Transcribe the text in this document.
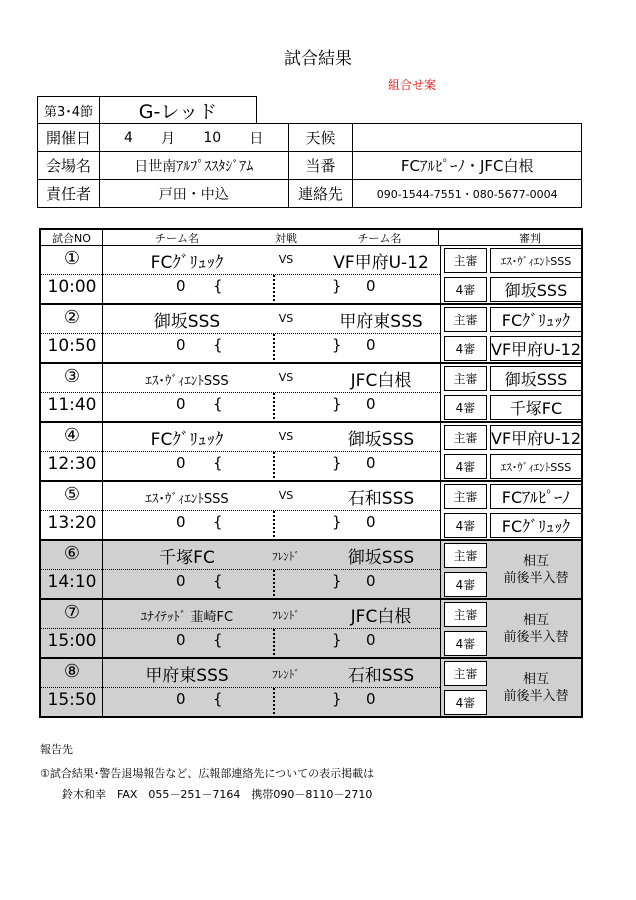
試合結果
組合せ案
第3･4節	G-レッド
開催日	4 月 10 日	天候
会場名	日世南ｱﾙﾌﾟｽｽﾀｼﾞｱﾑ	当番	FCｱﾙﾋﾟｰﾉ・JFC白根
責任者	戸田・中込	連絡先	090-1544-7551・080-5677-0004
試合NO	チーム名	対戦	チーム名	審判
①
10:00
FCｸﾞﾘｭｯｸ	VS	VF甲府U-12
0 {	} 0
主審	ｴｽ･ｳﾞｨｴﾝﾄSSS
4審	御坂SSS
②
10:50
御坂SSS	VS	甲府東SSS
0 {	} 0
主審	FCｸﾞﾘｭｯｸ
4審 VF甲府U-12
③
11:40
ｴｽ･ｳﾞｨｴﾝﾄSSS	VS	JFC白根
0 {	} 0
主審	御坂SSS
4審	千塚FC
④
12:30
FCｸﾞﾘｭｯｸ	VS	御坂SSS
0 {	} 0
主審 VF甲府U-12
4審	ｴｽ･ｳﾞｨｴﾝﾄSSS
⑤
13:20
ｴｽ･ｳﾞｨｴﾝﾄSSS	VS	石和SSS
0 {	} 0
主審	FCｱﾙﾋﾟｰﾉ
4審	FCｸﾞﾘｭｯｸ
⑥
14:10
千塚FC	ﾌﾚﾝﾄﾞ	御坂SSS
0 {	} 0
主審
4審
相互
前後半入替
⑦
15:00
ﾕﾅｲﾃｯﾄﾞ 韮崎FC	ﾌﾚﾝﾄﾞ	JFC白根
0 {	} 0
主審
4審
相互
前後半入替
⑧
15:50
甲府東SSS	ﾌﾚﾝﾄﾞ	石和SSS
0 {	} 0
主審
4審
相互
前後半入替
報告先
①試合結果･警告退場報告など、広報部連絡先についての表示掲載は
鈴木和幸　FAX　055－251－7164　携帯090－8110－2710
